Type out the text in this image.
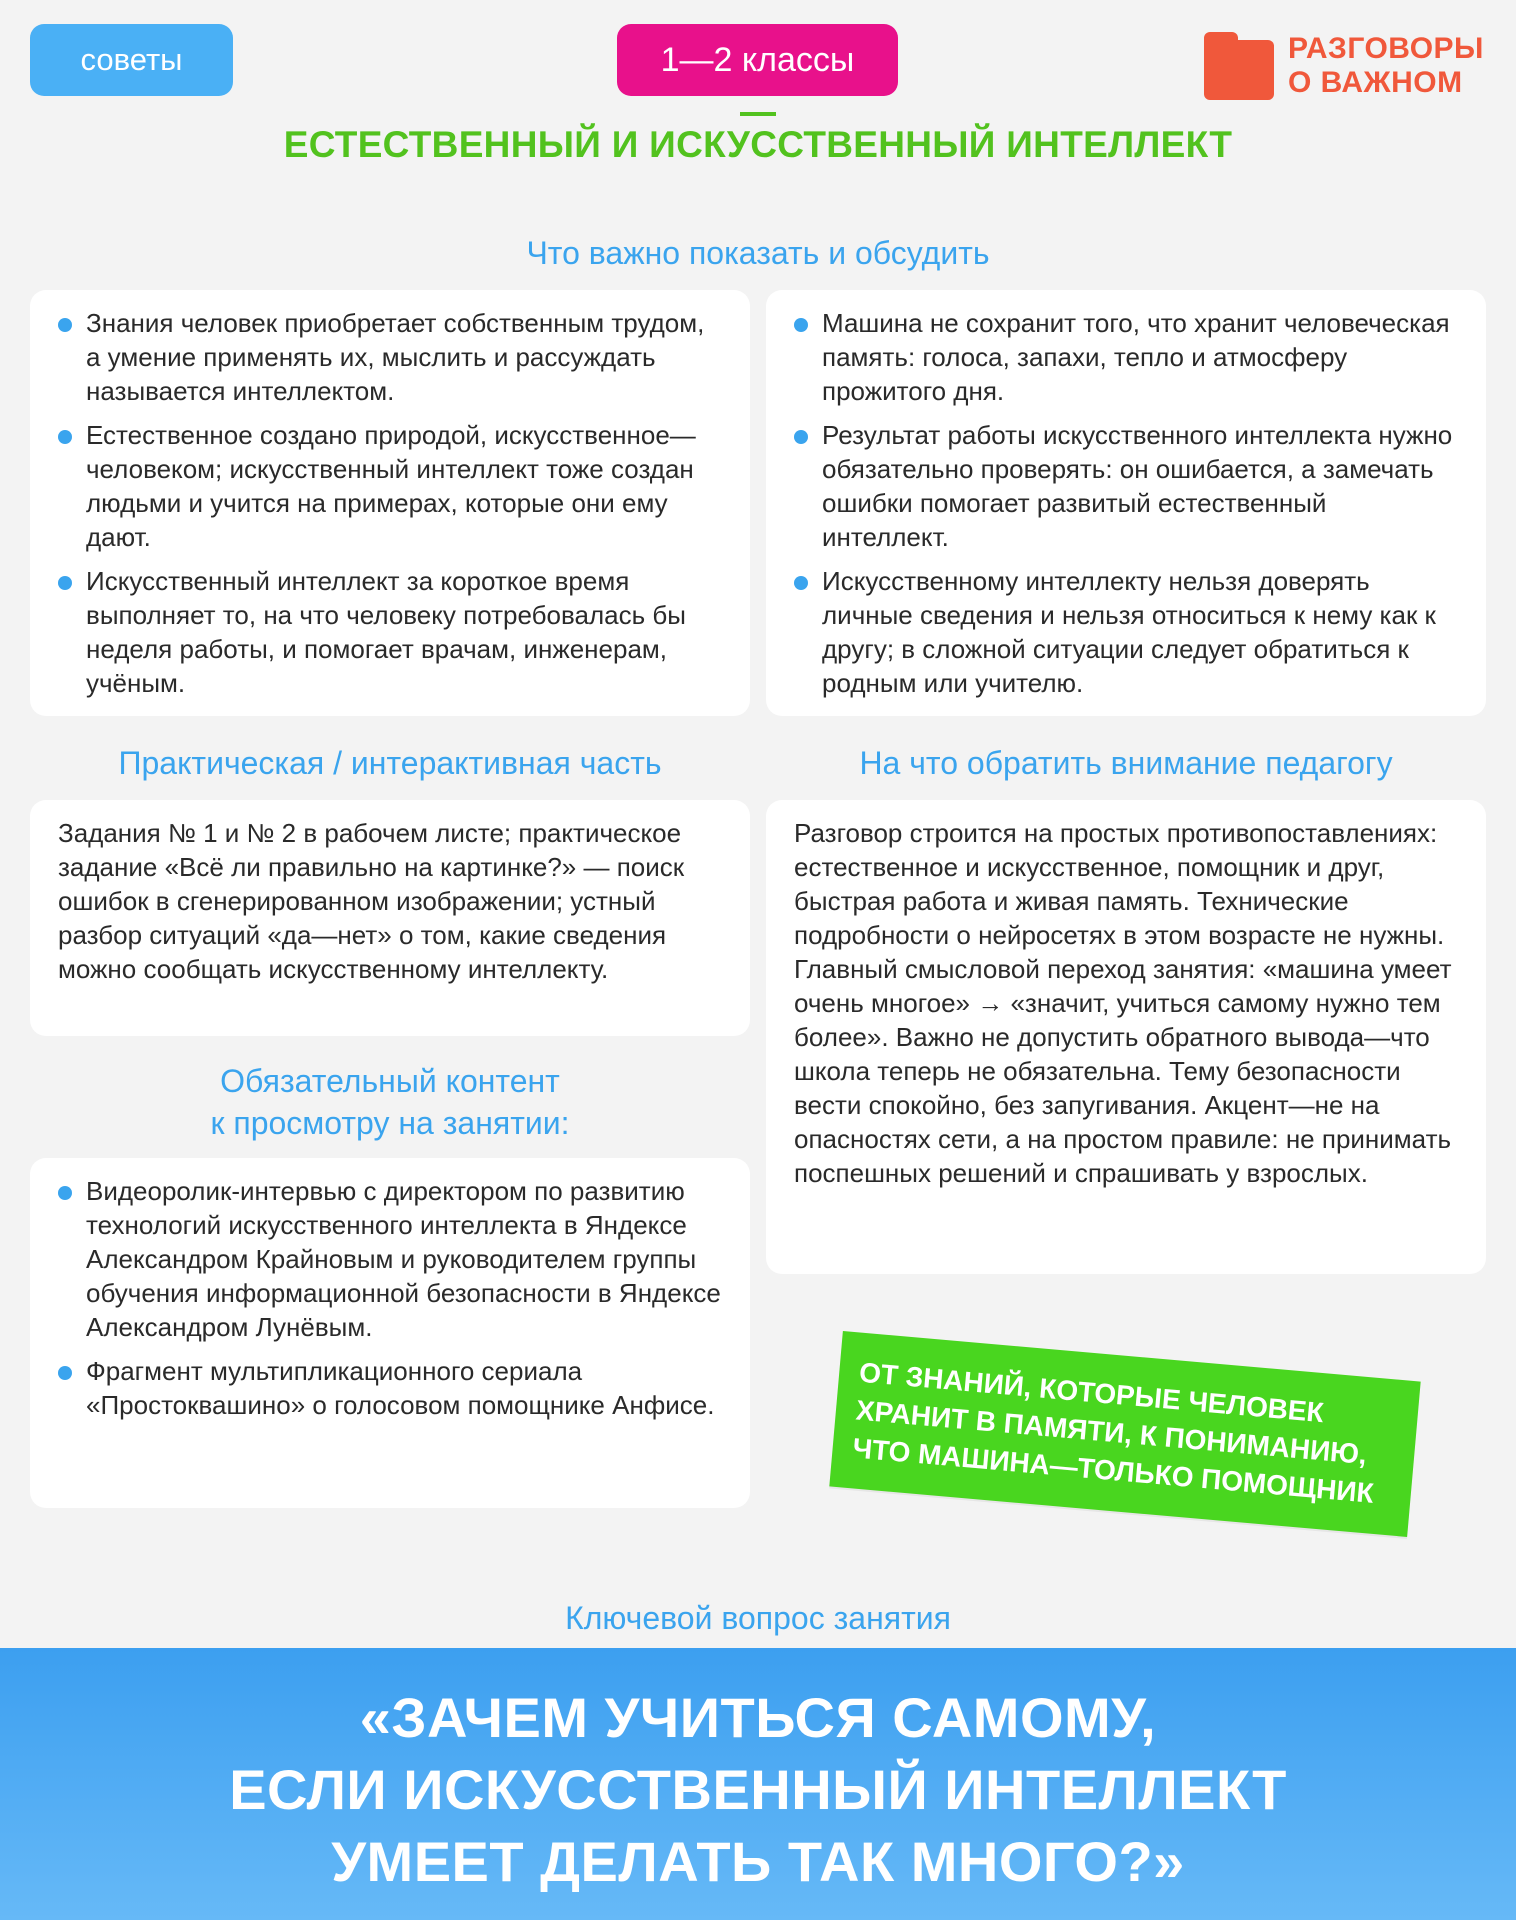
советы	1—2 классы	РАЗГОВОРЫ
О ВАЖНОМ
ЕСТЕСТВЕННЫЙ И ИСКУССТВЕННЫЙ ИНТЕЛЛЕКТ
Что важно показать и обсудить
Знания человек приобретает собственным трудом, а умение применять их, мыслить и рассуждать называется интеллектом.
Естественное создано природой, искусственное—человеком; искусственный интеллект тоже создан людьми и учится на примерах, которые они ему дают.
Искусственный интеллект за короткое время выполняет то, на что человеку потребовалась бы неделя работы, и помогает врачам, инженерам, учёным.
Машина не сохранит того, что хранит человеческая память: голоса, запахи, тепло и атмосферу прожитого дня.
Результат работы искусственного интеллекта нужно обязательно проверять: он ошибается, а замечать ошибки помогает развитый естественный интеллект.
Искусственному интеллекту нельзя доверять личные сведения и нельзя относиться к нему как к другу; в сложной ситуации следует обратиться к родным или учителю.
Практическая / интерактивная часть

Задания № 1 и № 2 в рабочем листе; практическое задание «Всё ли правильно на картинке?» — поиск ошибок в сгенерированном изображении; устный разбор ситуаций «да—нет» о том, какие сведения можно сообщать искусственному интеллекту.

На что обратить внимание педагогу

Разговор строится на простых противопоставлениях: естественное и искусственное, помощник и друг, быстрая работа и живая память. Технические подробности о нейросетях в этом возрасте не нужны. Главный смысловой переход занятия: «машина умеет очень многое» → «значит, учиться самому нужно тем более». Важно не допустить обратного вывода—что школа теперь не обязательна. Тему безопасности вести спокойно, без запугивания. Акцент—не на опасностях сети, а на простом правиле: не принимать поспешных решений и спрашивать у взрослых.

Обязательный контент
к просмотру на занятии:
Видеоролик-интервью с директором по развитию технологий искусственного интеллекта в Яндексе Александром Крайновым и руководителем группы обучения информационной безопасности в Яндексе Александром Лунёвым.
Фрагмент мультипликационного сериала «Простоквашино» о голосовом помощнике Анфисе.	ОТ ЗНАНИЙ, КОТОРЫЕ ЧЕЛОВЕК ХРАНИТ В ПАМЯТИ, К ПОНИМАНИЮ, ЧТО МАШИНА—ТОЛЬКО ПОМОЩНИК
Ключевой вопрос занятия
«ЗАЧЕМ УЧИТЬСЯ САМОМУ,
ЕСЛИ ИСКУССТВЕННЫЙ ИНТЕЛЛЕКТ
УМЕЕТ ДЕЛАТЬ ТАК МНОГО?»
